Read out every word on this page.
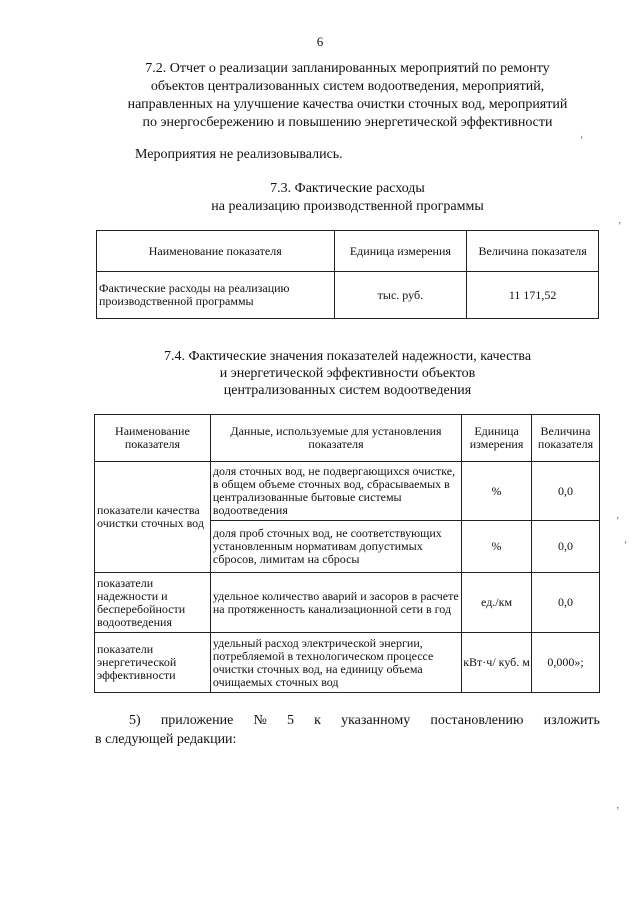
6
7.2. Отчет о реализации запланированных мероприятий по ремонту
объектов централизованных систем водоотведения, мероприятий,
направленных на улучшение качества очистки сточных вод, мероприятий
по энергосбережению и повышению энергетической эффективности
Мероприятия не реализовывались.
7.3. Фактические расходы
на реализацию производственной программы
Наименование показателя	Единица измерения	Величина показателя
Фактические расходы на реализацию производственной программы	тыс. руб.	11 171,52
7.4. Фактические значения показателей надежности, качества
и энергетической эффективности объектов
централизованных систем водоотведения
Наименование показателя	Данные, используемые для установления показателя	Единица измерения	Величина показателя
показатели качества очистки сточных вод	доля сточных вод, не подвергающихся очистке, в общем объеме сточных вод, сбрасываемых в централизованные бытовые системы водоотведения	%	0,0
	доля проб сточных вод, не соответствующих установленным нормативам допустимых сбросов, лимитам на сбросы	%	0,0
показатели надежности и бесперебойности водоотведения	удельное количество аварий и засоров в расчете на протяженность канализационной сети в год	ед./км	0,0
показатели энергетической эффективности	удельный расход электрической энергии, потребляемой в технологическом процессе очистки сточных вод, на единицу объема очищаемых сточных вод	кВт·ч/ куб. м	0,000»;
5) приложение № 5 к указанному постановлению изложить
в следующей редакции:
‘
‚
‚
‘
‚
